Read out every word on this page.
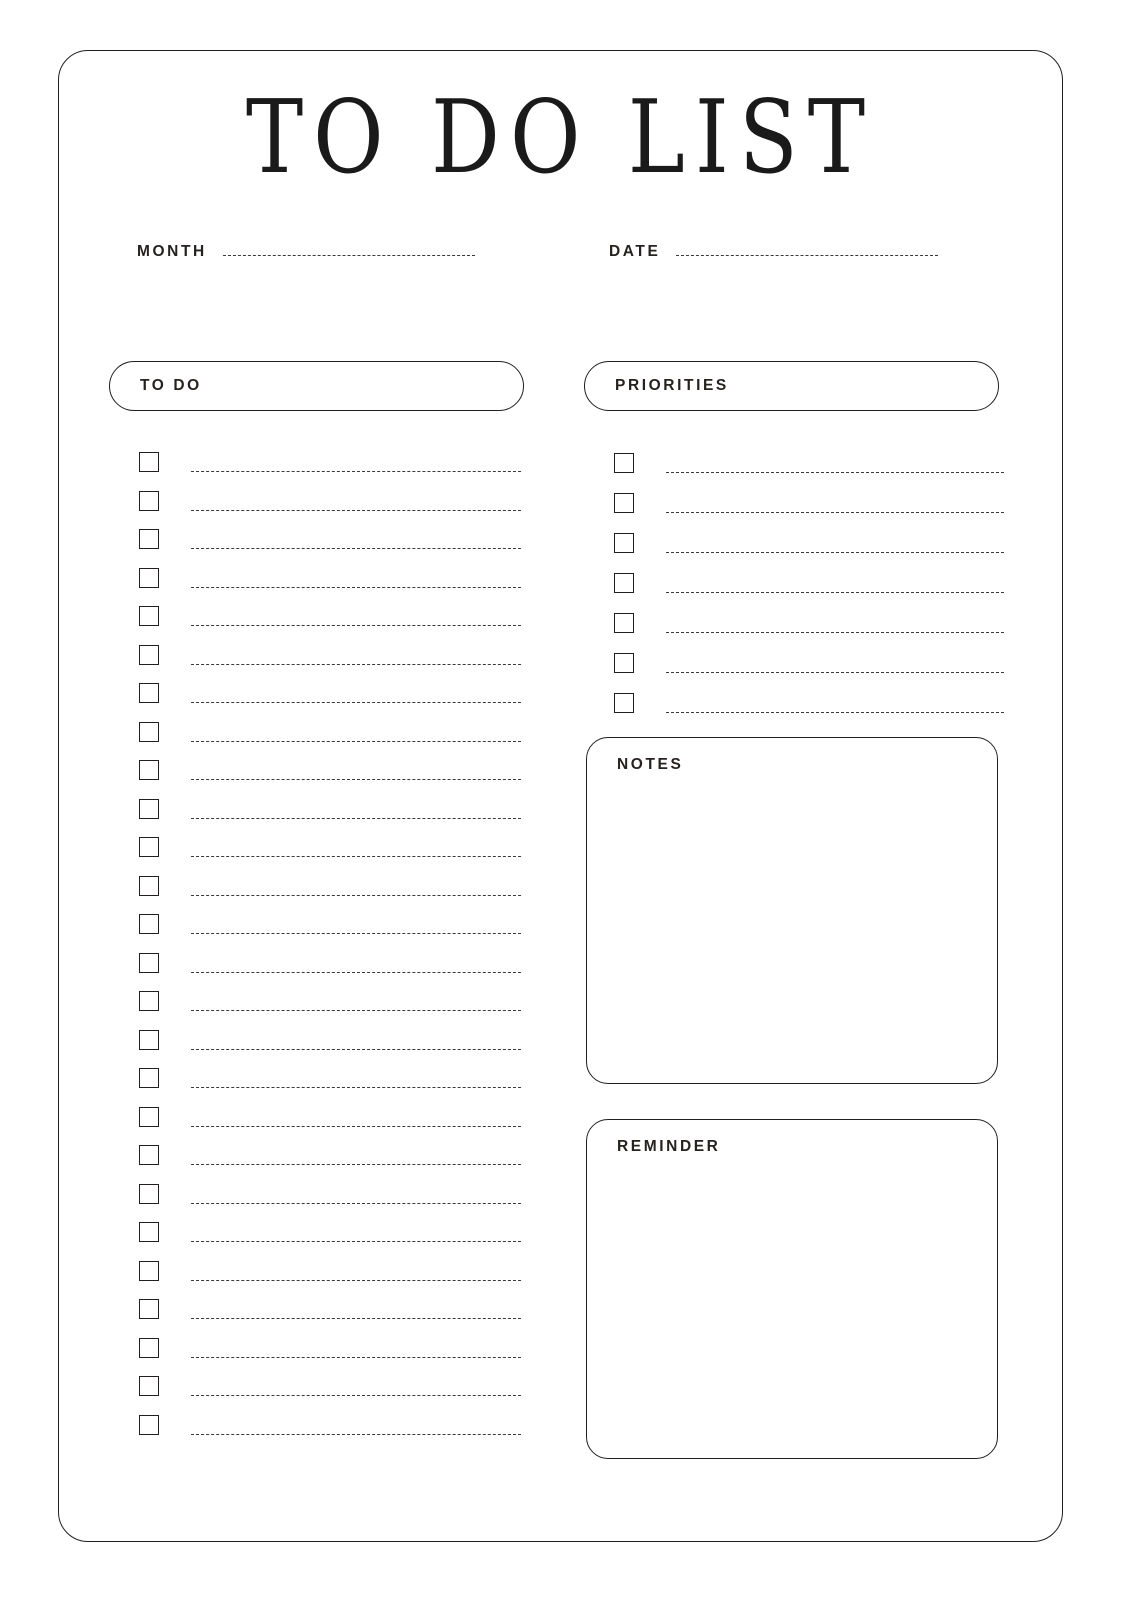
TO DO LIST
MONTH	DATE
TO DO	PRIORITIES
NOTES
REMINDER
